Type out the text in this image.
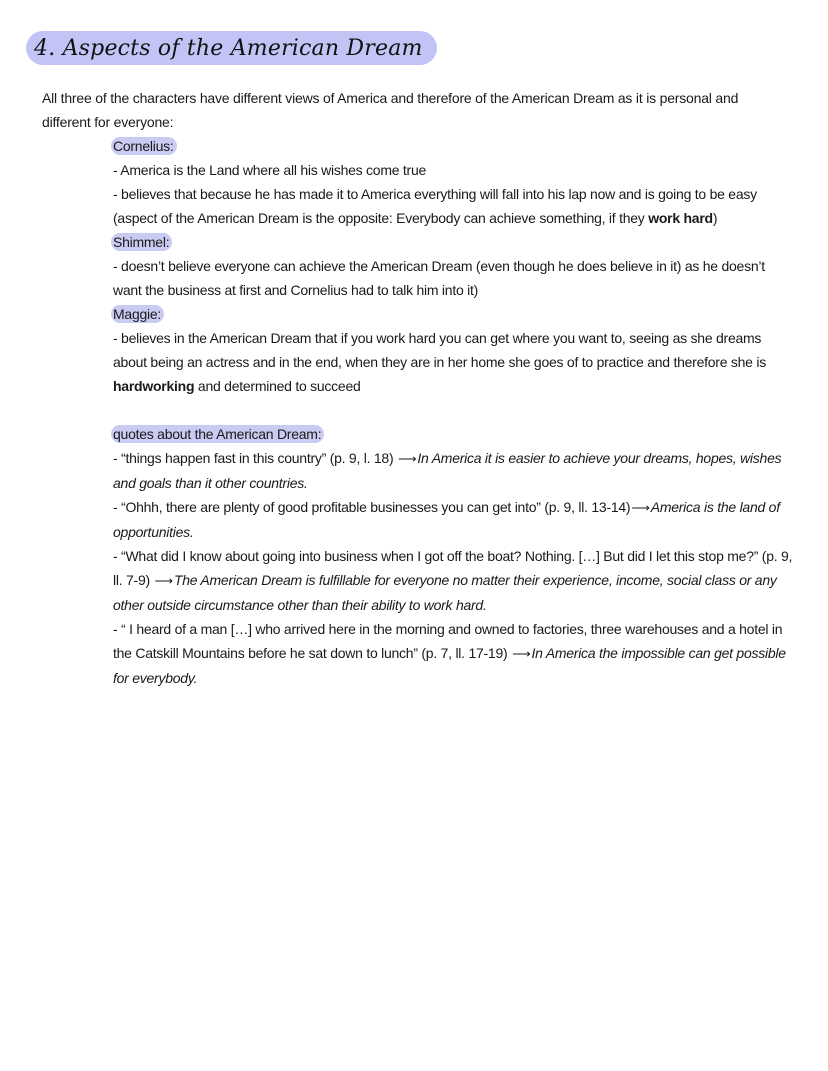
4. Aspects of the American Dream
All three of the characters have different views of America and therefore of the American Dream as it is personal and different for everyone:
Cornelius:
- America is the Land where all his wishes come true
- believes that because he has made it to America everything will fall into his lap now and is going to be easy
(aspect of the American Dream is the opposite: Everybody can achieve something, if they work hard)
Shimmel:
- doesn’t believe everyone can achieve the American Dream (even though he does believe in it) as he doesn’t want the business at first and Cornelius had to talk him into it)
Maggie:
- believes in the American Dream that if you work hard you can get where you want to, seeing as she dreams about being an actress and in the end, when they are in her home she goes of to practice and therefore she is hardworking and determined to succeed
quotes about the American Dream:
- “things happen fast in this country” (p. 9, l. 18) ⟶In America it is easier to achieve your dreams, hopes, wishes and goals than it other countries.
- “Ohhh, there are plenty of good profitable businesses you can get into” (p. 9, ll. 13-14)⟶America is the land of opportunities.
- “What did I know about going into business when I got off the boat? Nothing. […] But did I let this stop me?” (p. 9, ll. 7-9) ⟶The American Dream is fulfillable for everyone no matter their experience, income, social class or any other outside circumstance other than their ability to work hard.
- “ I heard of a man […] who arrived here in the morning and owned to factories, three warehouses and a hotel in the Catskill Mountains before he sat down to lunch” (p. 7, ll. 17-19) ⟶In America the impossible can get possible for everybody.
